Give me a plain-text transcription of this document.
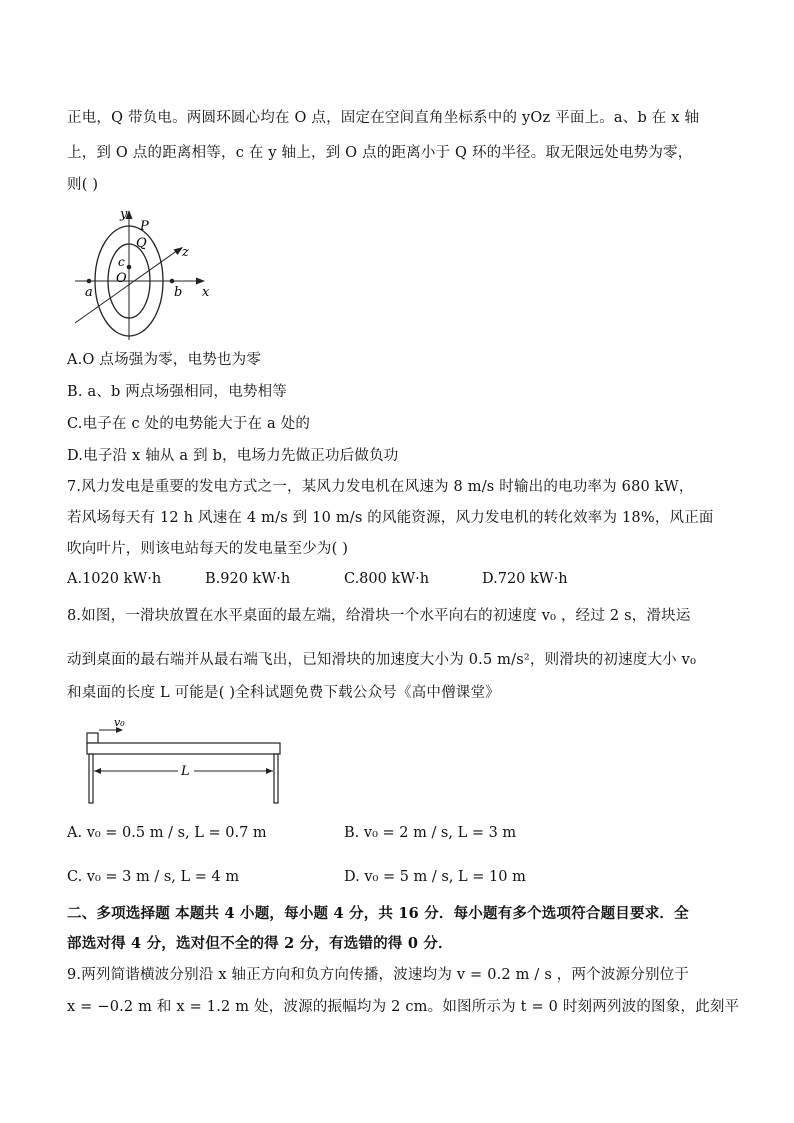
正电，Q 带负电。两圆环圆心均在 O 点，固定在空间直角坐标系中的 yOz 平面上。a、b 在 x 轴
上，到 O 点的距离相等，c 在 y 轴上，到 O 点的距离小于 Q 环的半径。取无限远处电势为零，
则( )
y
P
Q
z
c
O
a	b x
A.O 点场强为零，电势也为零
B. a、b 两点场强相同，电势相等
C.电子在 c 处的电势能大于在 a 处的
D.电子沿 x 轴从 a 到 b，电场力先做正功后做负功
7.风力发电是重要的发电方式之一，某风力发电机在风速为 8 m/s 时输出的电功率为 680 kW，
若风场每天有 12 h 风速在 4 m/s 到 10 m/s 的风能资源，风力发电机的转化效率为 18%，风正面
吹向叶片，则该电站每天的发电量至少为( )
A.1020 kW·h	B.920 kW·h	C.800 kW·h	D.720 kW·h
8.如图，一滑块放置在水平桌面的最左端，给滑块一个水平向右的初速度 v₀ ，经过 2 s，滑块运
动到桌面的最右端并从最右端飞出，已知滑块的加速度大小为 0.5 m/s²，则滑块的初速度大小 v₀
和桌面的长度 L 可能是( )全科试题免费下载公众号《高中僧课堂》
v₀
L
A. v₀ = 0.5 m / s, L = 0.7 m	B. v₀ = 2 m / s, L = 3 m
C. v₀ = 3 m / s, L = 4 m	D. v₀ = 5 m / s, L = 10 m
二、多项选择题 本题共 4 小题，每小题 4 分，共 16 分．每小题有多个选项符合题目要求．全
部选对得 4 分，选对但不全的得 2 分，有选错的得 0 分．
9.两列简谐横波分别沿 x 轴正方向和负方向传播，波速均为 v = 0.2 m / s ，两个波源分别位于
x = −0.2 m 和 x = 1.2 m 处，波源的振幅均为 2 cm。如图所示为 t = 0 时刻两列波的图象，此刻平
